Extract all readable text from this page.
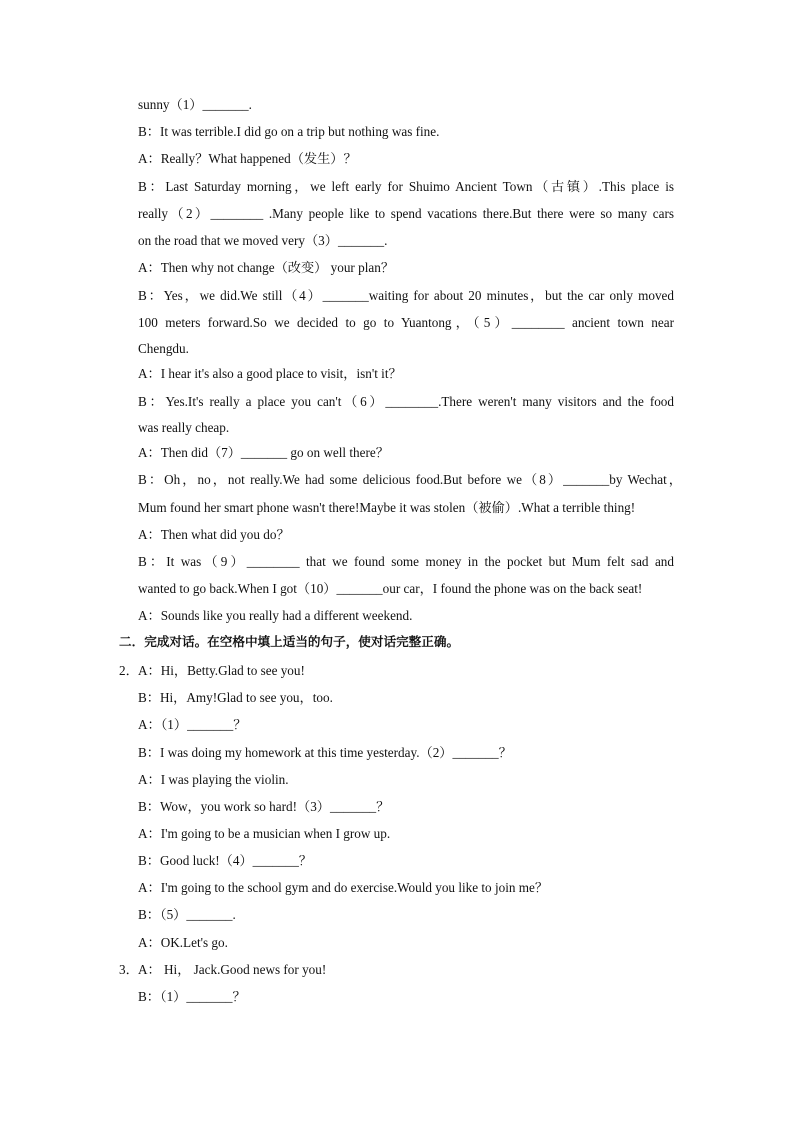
sunny（1）_______.
B：It was terrible.I did go on a trip but nothing was fine.
A：Really？What happened（发生）？
B：Last Saturday morning，we left early for Shuimo Ancient Town（古镇）.This place is
really（2）________ .Many people like to spend vacations there.But there were so many cars
on the road that we moved very（3）_______.
A：Then why not change（改变） your plan？
B：Yes，we did.We still（4）_______waiting for about 20 minutes，but the car only moved
100 meters forward.So we decided to go to Yuantong，（5）________ ancient town near
Chengdu.
A：I hear it's also a good place to visit，isn't it？
B：Yes.It's really a place you can't（6）________.There weren't many visitors and the food
was really cheap.
A：Then did（7）_______ go on well there？
B：Oh，no，not really.We had some delicious food.But before we（8）_______by Wechat，
Mum found her smart phone wasn't there!Maybe it was stolen（被偷）.What a terrible thing!
A：Then what did you do？
B：It was（9）________ that we found some money in the pocket but Mum felt sad and
wanted to go back.When I got（10）_______our car，I found the phone was on the back seat!
A：Sounds like you really had a different weekend.
二．完成对话。在空格中填上适当的句子，使对话完整正确。
2． A：Hi，Betty.Glad to see you!
B：Hi，Amy!Glad to see you，too.
A：（1）_______？
B：I was doing my homework at this time yesterday.（2）_______？
A：I was playing the violin.
B：Wow，you work so hard!（3）_______？
A：I'm going to be a musician when I grow up.
B：Good luck!（4）_______？
A：I'm going to the school gym and do exercise.Would you like to join me？
B：（5）_______.
A：OK.Let's go.
3． A： Hi， Jack.Good news for you!
B：（1）_______？
